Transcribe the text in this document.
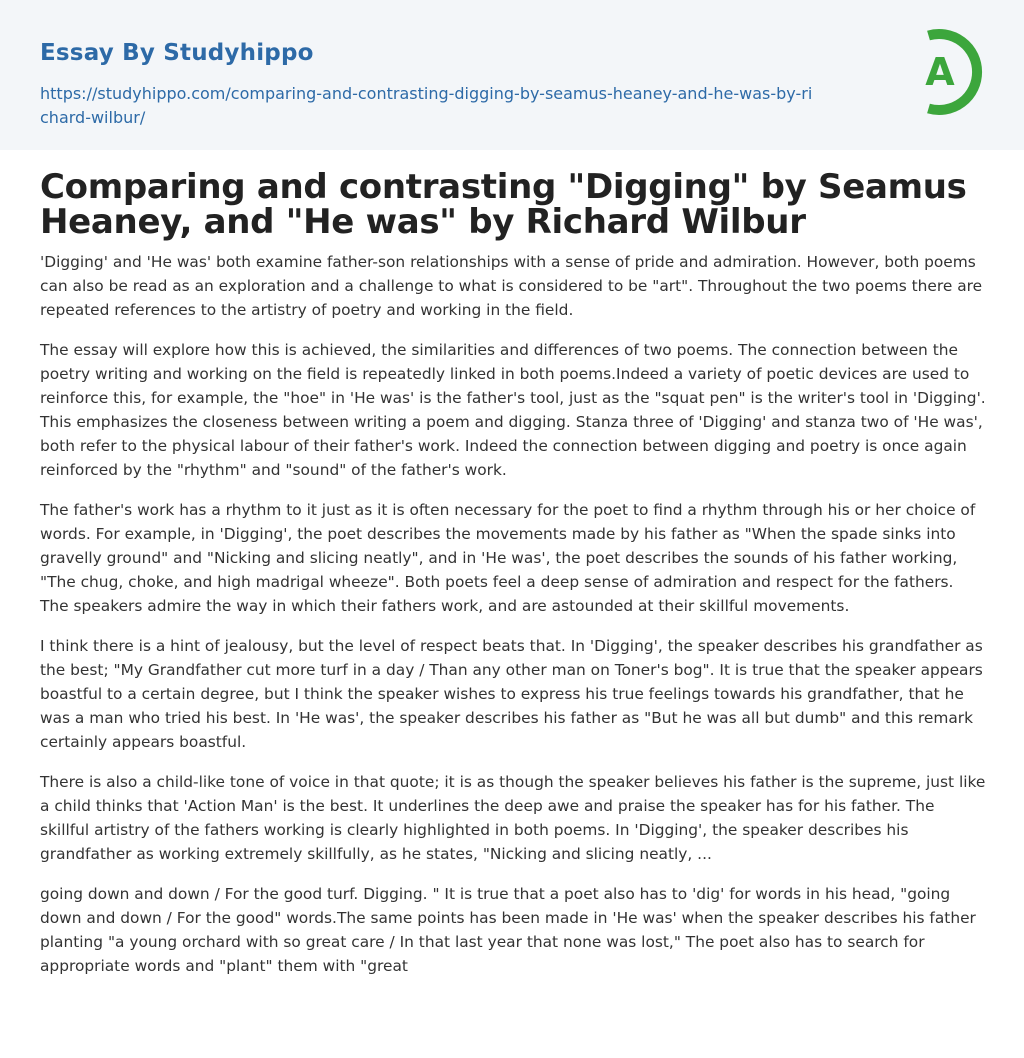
Essay By Studyhippo
https://studyhippo.com/comparing-and-contrasting-digging-by-seamus-heaney-and-he-was-by-richard-wilbur/
A
Comparing and contrasting "Digging" by Seamus Heaney, and "He was" by Richard Wilbur

'Digging' and 'He was' both examine father-son relationships with a sense of pride and admiration. However, both poems can also be read as an exploration and a challenge to what is considered to be "art". Throughout the two poems there are repeated references to the artistry of poetry and working in the field.

The essay will explore how this is achieved, the similarities and differences of two poems. The connection between the poetry writing and working on the field is repeatedly linked in both poems.Indeed a variety of poetic devices are used to reinforce this, for example, the "hoe" in 'He was' is the father's tool, just as the "squat pen" is the writer's tool in 'Digging'. This emphasizes the closeness between writing a poem and digging. Stanza three of 'Digging' and stanza two of 'He was', both refer to the physical labour of their father's work. Indeed the connection between digging and poetry is once again reinforced by the "rhythm" and "sound" of the father's work.

The father's work has a rhythm to it just as it is often necessary for the poet to find a rhythm through his or her choice of words. For example, in 'Digging', the poet describes the movements made by his father as "When the spade sinks into gravelly ground" and "Nicking and slicing neatly", and in 'He was', the poet describes the sounds of his father working, "The chug, choke, and high madrigal wheeze". Both poets feel a deep sense of admiration and respect for the fathers. The speakers admire the way in which their fathers work, and are astounded at their skillful movements.

I think there is a hint of jealousy, but the level of respect beats that. In 'Digging', the speaker describes his grandfather as the best; "My Grandfather cut more turf in a day / Than any other man on Toner's bog". It is true that the speaker appears boastful to a certain degree, but I think the speaker wishes to express his true feelings towards his grandfather, that he was a man who tried his best. In 'He was', the speaker describes his father as "But he was all but dumb" and this remark certainly appears boastful.

There is also a child-like tone of voice in that quote; it is as though the speaker believes his father is the supreme, just like a child thinks that 'Action Man' is the best. It underlines the deep awe and praise the speaker has for his father. The skillful artistry of the fathers working is clearly highlighted in both poems. In 'Digging', the speaker describes his grandfather as working extremely skillfully, as he states, "Nicking and slicing neatly, ...

going down and down / For the good turf. Digging. " It is true that a poet also has to 'dig' for words in his head, "going down and down / For the good" words.The same points has been made in 'He was' when the speaker describes his father planting "a young orchard with so great care / In that last year that none was lost," The poet also has to search for appropriate words and "plant" them with "great
